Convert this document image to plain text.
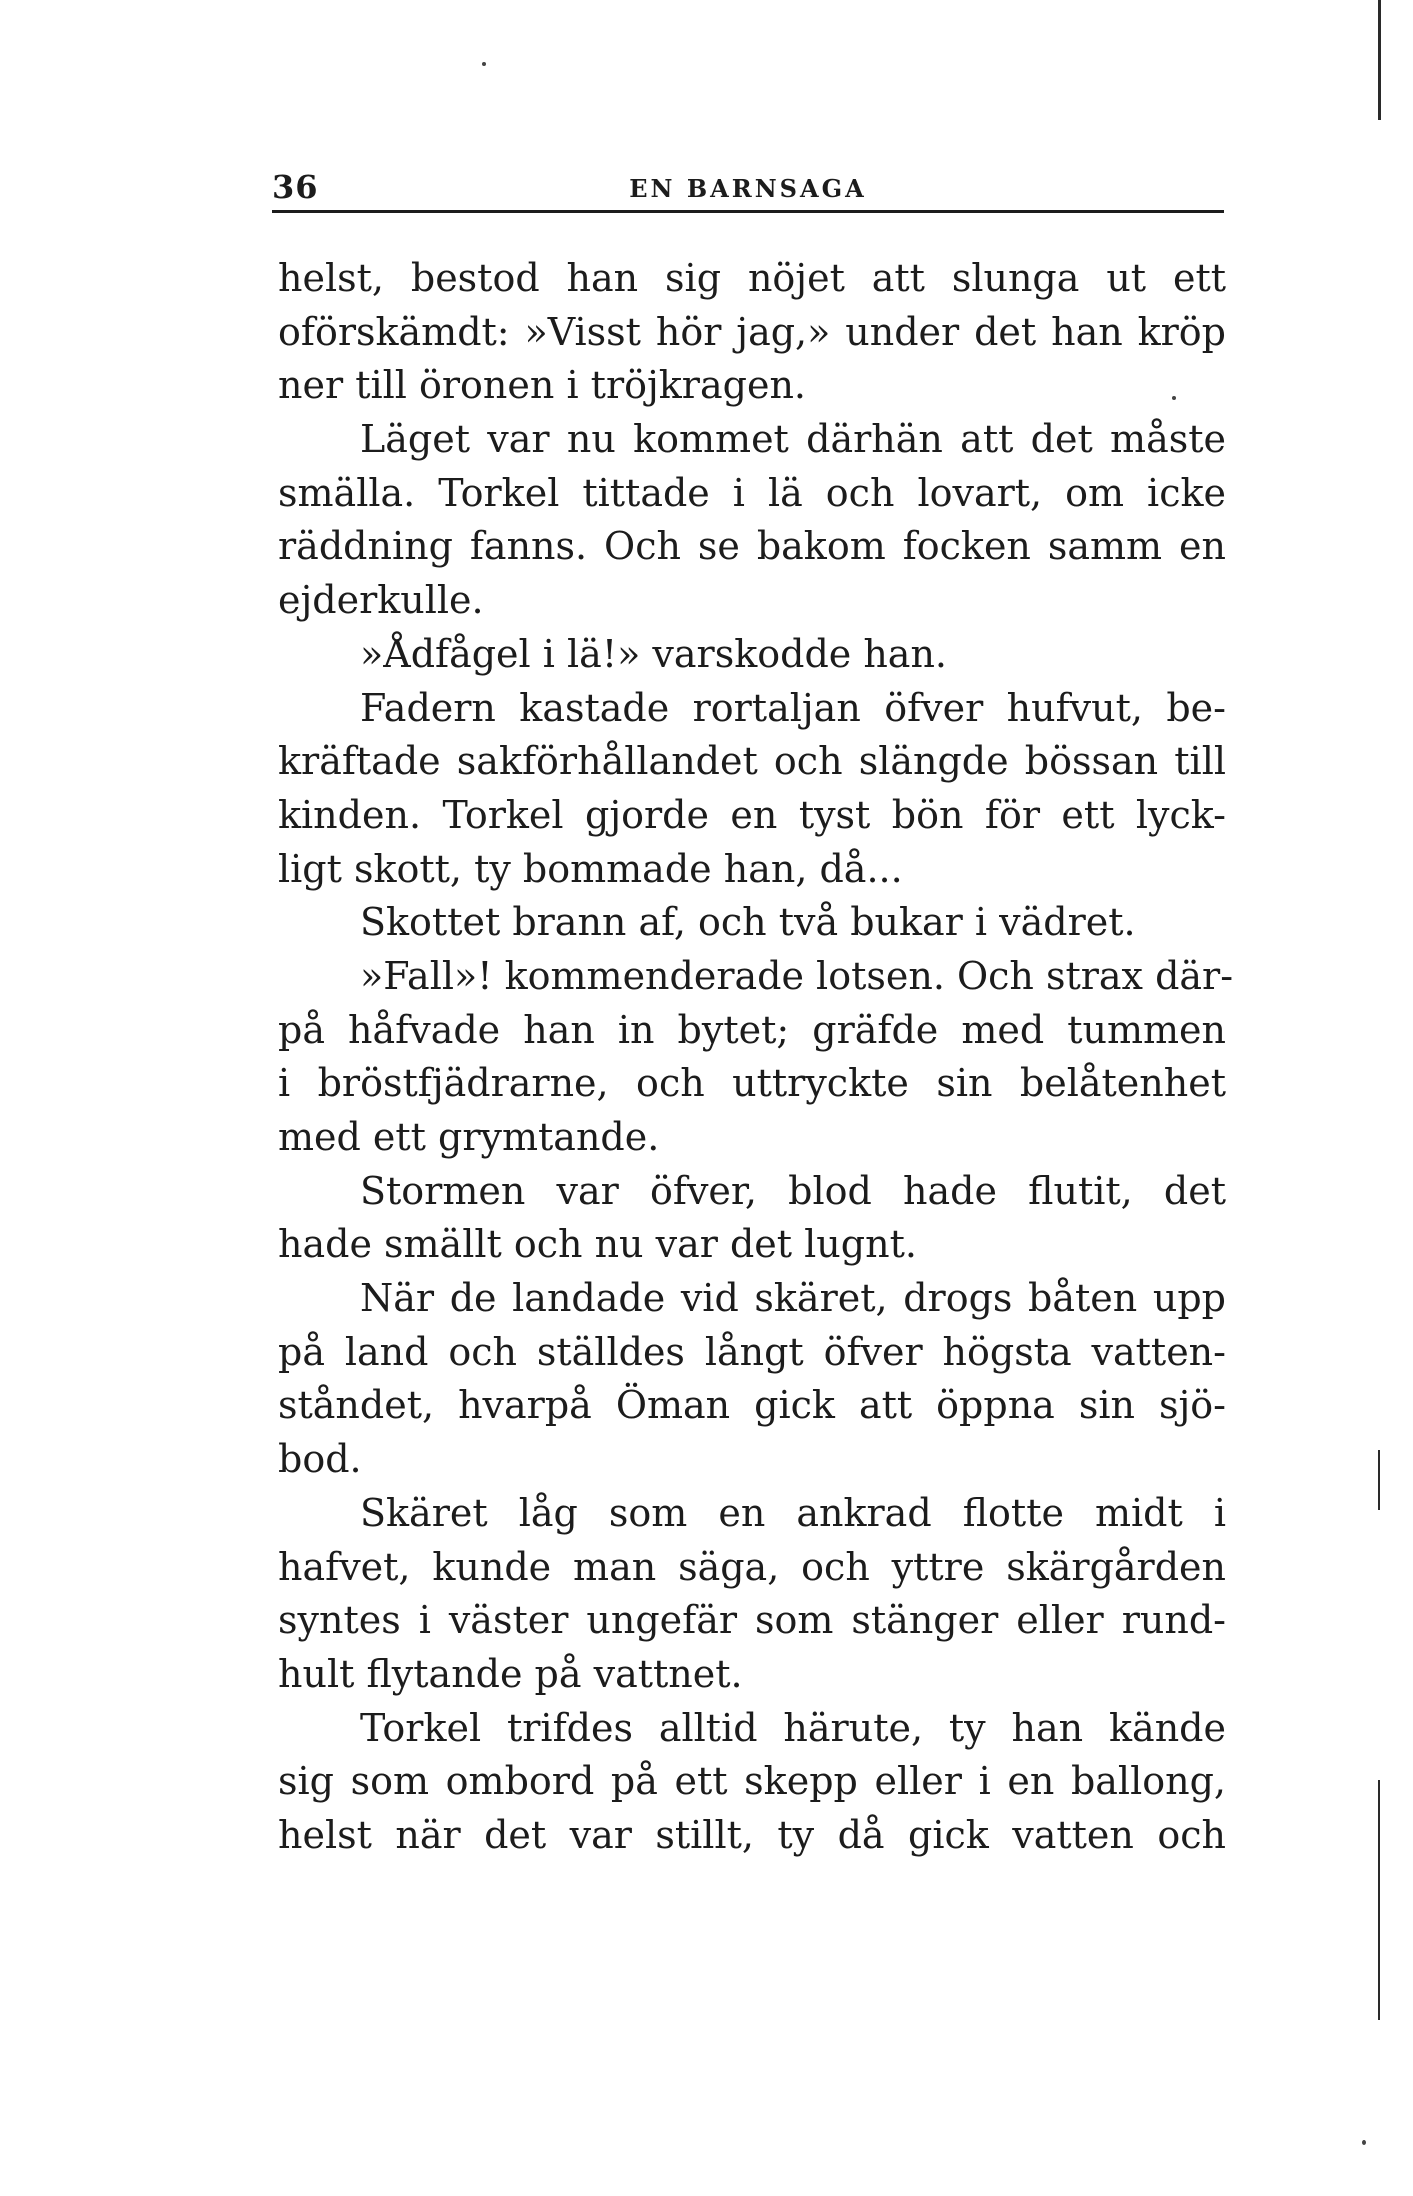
36	EN BARNSAGA
helst, bestod han sig nöjet att slunga ut ett
oförskämdt: »Visst hör jag,» under det han kröp
ner till öronen i tröjkragen.
Läget var nu kommet därhän att det måste
smälla. Torkel tittade i lä och lovart, om icke
räddning fanns. Och se bakom focken samm en
ejderkulle.
»Ådfågel i lä!» varskodde han.
Fadern kastade rortaljan öfver hufvut, be-
kräftade sakförhållandet och slängde bössan till
kinden. Torkel gjorde en tyst bön för ett lyck-
ligt skott, ty bommade han, då...
Skottet brann af, och två bukar i vädret.
»Fall»! kommenderade lotsen. Och strax där-
på håfvade han in bytet; gräfde med tummen
i bröstfjädrarne, och uttryckte sin belåtenhet
med ett grymtande.
Stormen var öfver, blod hade flutit, det
hade smällt och nu var det lugnt.
När de landade vid skäret, drogs båten upp
på land och ställdes långt öfver högsta vatten-
ståndet, hvarpå Öman gick att öppna sin sjö-
bod.
Skäret låg som en ankrad flotte midt i
hafvet, kunde man säga, och yttre skärgården
syntes i väster ungefär som stänger eller rund-
hult flytande på vattnet.
Torkel trifdes alltid härute, ty han kände
sig som ombord på ett skepp eller i en ballong,
helst när det var stillt, ty då gick vatten och
